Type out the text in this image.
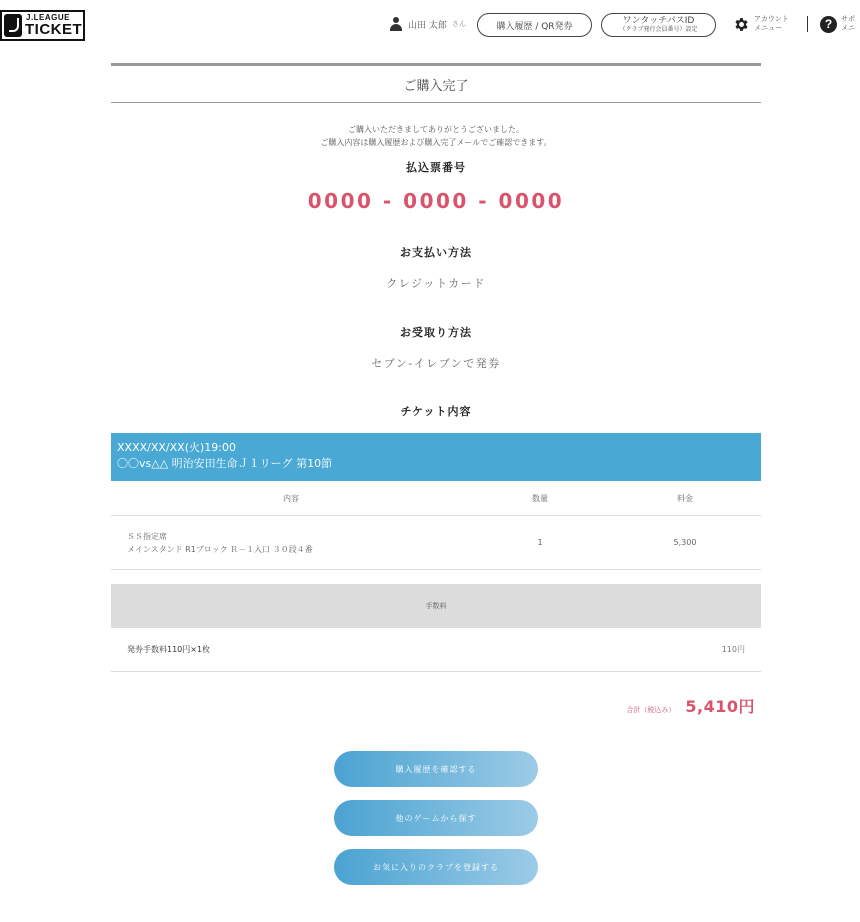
J.LEAGUE
TICKET	山田 太郎 さん	購入履歴 / QR発券
ワンタッチパスID
（クラブ発行会員番号）設定
アカウント
メニュー	?	サポ
メニ
ご購入完了
ご購入いただきましてありがとうございました。
ご購入内容は購入履歴および購入完了メールでご確認できます。
払込票番号
0000 - 0000 - 0000
お支払い方法
クレジットカード
お受取り方法
セブン-イレブンで発券
チケット内容
XXXX/XX/XX(火)19:00
〇〇vs△△ 明治安田生命Ｊ１リーグ 第10節
内容	数量	料金
ＳＳ指定席
メインスタンド R1ブロック Ｒ－１入口 ３０段４番
1	5,300
手数料
発券手数料110円×1枚	110円
合計（税込み） 5,410 円
購入履歴を確認する
他のゲームから探す
お気に入りのクラブを登録する
